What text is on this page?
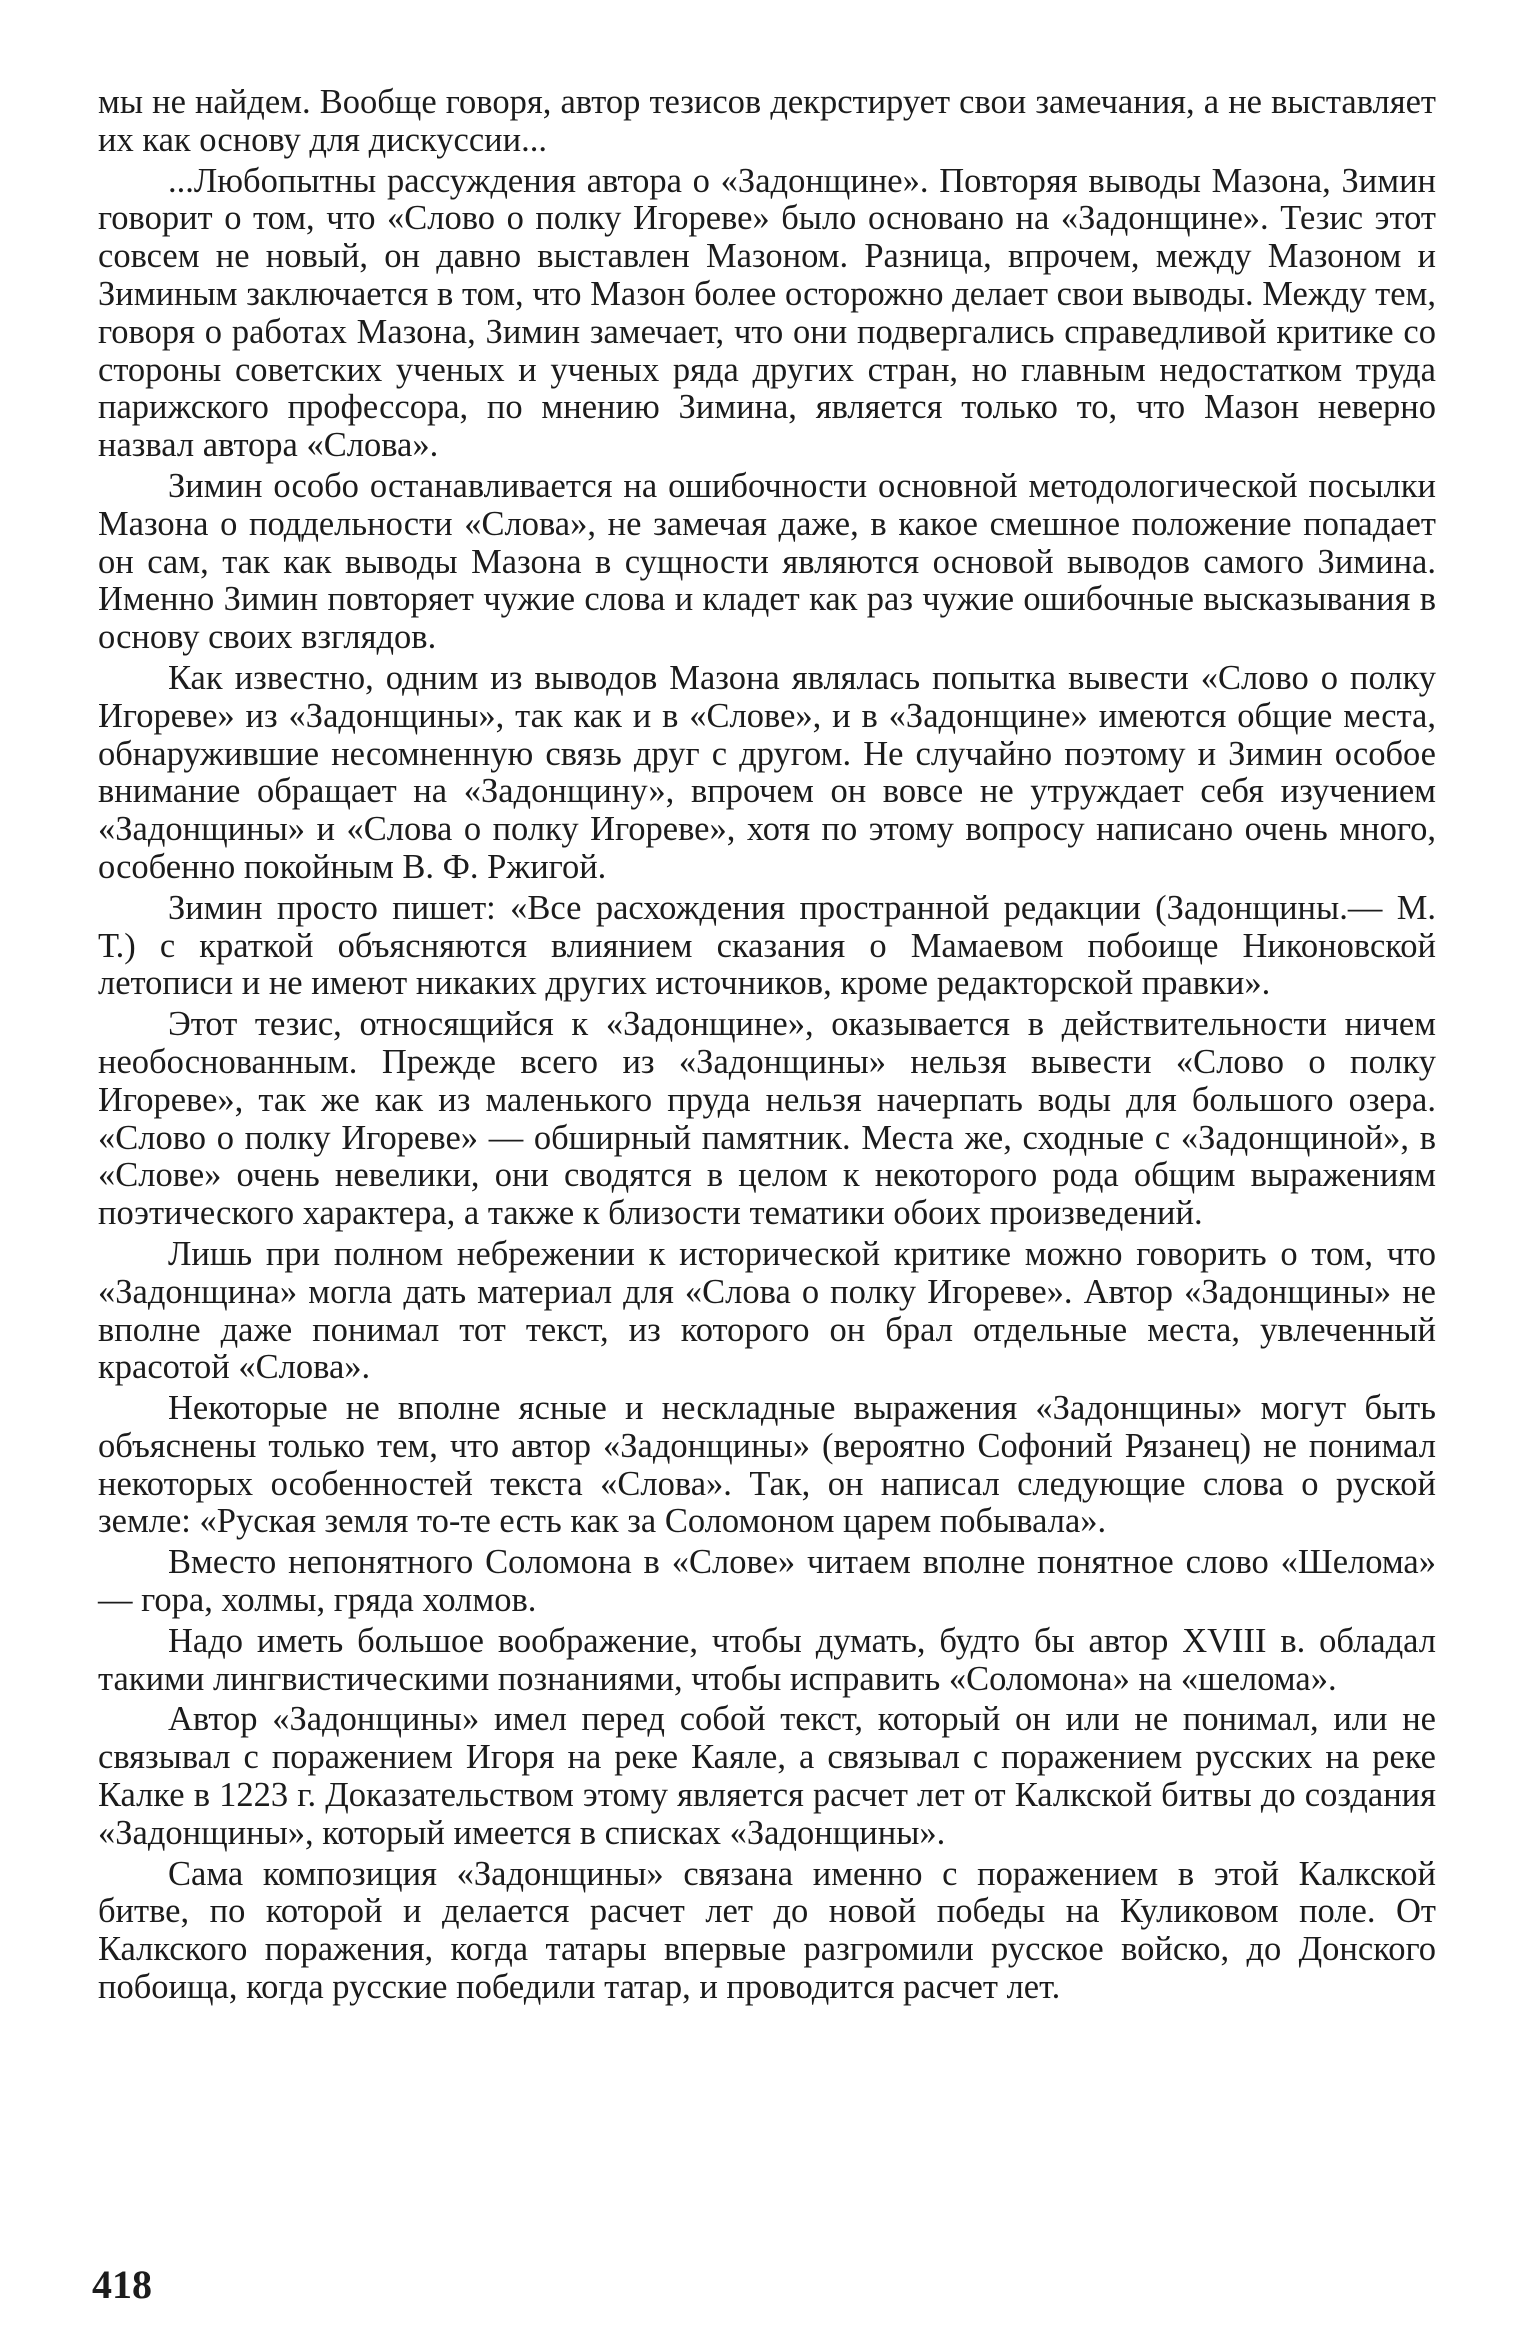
мы не найдем. Вообще говоря, автор тезисов декрстирует свои замечания, а не выставляет их как основу для дискуссии...

...Любопытны рассуждения автора о «Задонщине». Повторяя выводы Мазона, Зимин говорит о том, что «Слово о полку Игореве» было основано на «Задонщине». Тезис этот совсем не новый, он давно выставлен Мазоном. Разница, впрочем, между Мазоном и Зиминым заключается в том, что Мазон более осторожно делает свои выводы. Между тем, говоря о работах Мазона, Зимин замечает, что они подвергались справедливой критике со стороны советских ученых и ученых ряда других стран, но главным недостатком труда парижского профессора, по мнению Зимина, является только то, что Мазон неверно назвал автора «Слова».

Зимин особо останавливается на ошибочности основной методологической посылки Мазона о поддельности «Слова», не замечая даже, в какое смешное положение попадает он сам, так как выводы Мазона в сущности являются основой выводов самого Зимина. Именно Зимин повторяет чужие слова и кладет как раз чужие ошибочные высказывания в основу своих взглядов.

Как известно, одним из выводов Мазона являлась попытка вывести «Слово о полку Игореве» из «Задонщины», так как и в «Слове», и в «Задонщине» имеются общие места, обнаружившие несомненную связь друг с другом. Не случайно поэтому и Зимин особое внимание обращает на «Задонщину», впрочем он вовсе не утруждает себя изучением «Задонщины» и «Слова о полку Игореве», хотя по этому вопросу написано очень много, особенно покойным В. Ф. Ржигой.

Зимин просто пишет: «Все расхождения пространной редакции (Задонщины.— М. Т.) с краткой объясняются влиянием сказания о Мамаевом побоище Никоновской летописи и не имеют никаких других источников, кроме редакторской правки».

Этот тезис, относящийся к «Задонщине», оказывается в действительности ничем необоснованным. Прежде всего из «Задонщины» нельзя вывести «Слово о полку Игореве», так же как из маленького пруда нельзя начерпать воды для большого озера. «Слово о полку Игореве» — обширный памятник. Места же, сходные с «Задонщиной», в «Слове» очень невелики, они сводятся в целом к некоторого рода общим выражениям поэтического характера, а также к близости тематики обоих произведений.

Лишь при полном небрежении к исторической критике можно говорить о том, что «Задонщина» могла дать материал для «Слова о полку Игореве». Автор «Задонщины» не вполне даже понимал тот текст, из которого он брал отдельные места, увлеченный красотой «Слова».

Некоторые не вполне ясные и нескладные выражения «Задонщины» могут быть объяснены только тем, что автор «Задонщины» (вероятно Софоний Рязанец) не понимал некоторых особенностей текста «Слова». Так, он написал следующие слова о руской земле: «Руская земля то-те есть как за Соломоном царем побывала».

Вместо непонятного Соломона в «Слове» читаем вполне понятное слово «Шелома» — гора, холмы, гряда холмов.

Надо иметь большое воображение, чтобы думать, будто бы автор XVIII в. обладал такими лингвистическими познаниями, чтобы исправить «Соломона» на «шелома».

Автор «Задонщины» имел перед собой текст, который он или не понимал, или не связывал с поражением Игоря на реке Каяле, а связывал с поражением русских на реке Калке в 1223 г. Доказательством этому является расчет лет от Калкской битвы до создания «Задонщины», который имеется в списках «Задонщины».

Сама композиция «Задонщины» связана именно с поражением в этой Калкской битве, по которой и делается расчет лет до новой победы на Куликовом поле. От Калкского поражения, когда татары впервые разгромили русское войско, до Донского побоища, когда русские победили татар, и проводится расчет лет.

418
